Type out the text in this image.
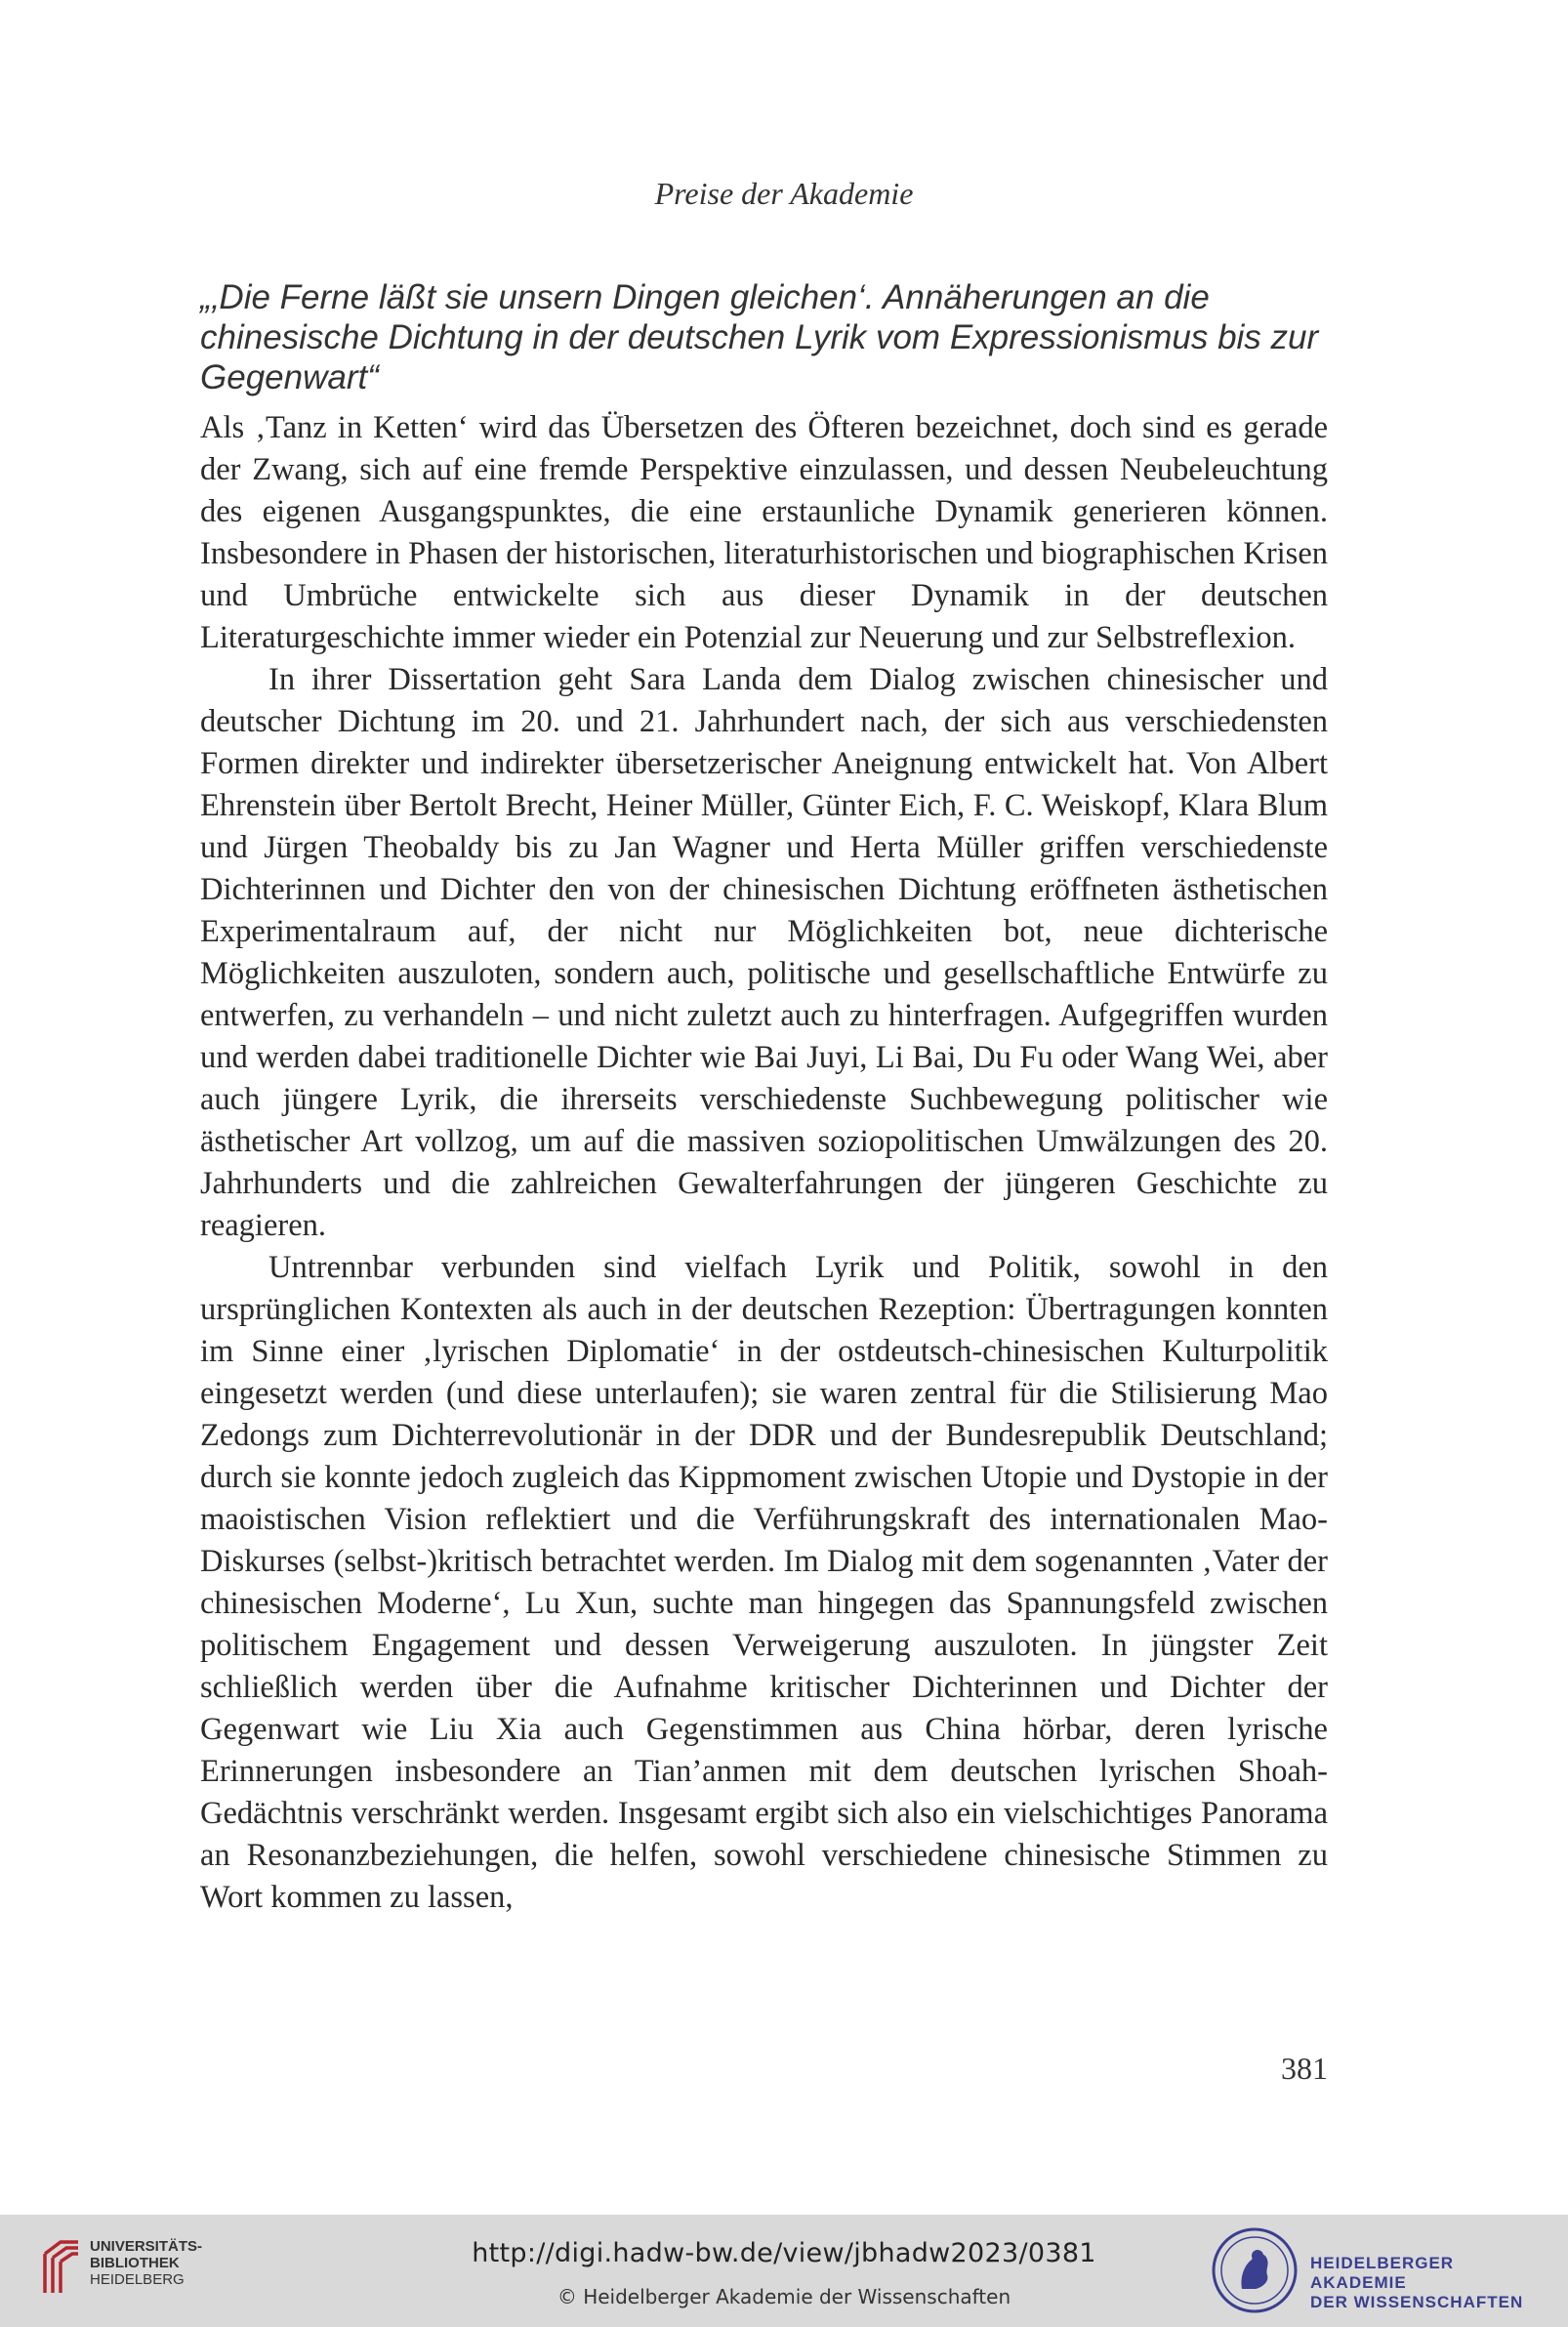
Preise der Akademie
„‚Die Ferne läßt sie unsern Dingen gleichen‘. Annäherungen an die chinesische Dichtung in der deutschen Lyrik vom Expressionismus bis zur Gegenwart“

Als ‚Tanz in Ketten‘ wird das Übersetzen des Öfteren bezeichnet, doch sind es gerade der Zwang, sich auf eine fremde Perspektive einzulassen, und dessen Neubeleuchtung des eigenen Ausgangspunktes, die eine erstaunliche Dynamik generieren können. Insbesondere in Phasen der historischen, literaturhistorischen und biographischen Krisen und Umbrüche entwickelte sich aus dieser Dynamik in der deutschen Literaturgeschichte immer wieder ein Potenzial zur Neuerung und zur Selbstreflexion.

In ihrer Dissertation geht Sara Landa dem Dialog zwischen chinesischer und deutscher Dichtung im 20. und 21. Jahrhundert nach, der sich aus verschiedensten Formen direkter und indirekter übersetzerischer Aneignung entwickelt hat. Von Albert Ehrenstein über Bertolt Brecht, Heiner Müller, Günter Eich, F. C. Weiskopf, Klara Blum und Jürgen Theobaldy bis zu Jan Wagner und Herta Müller griffen verschiedenste Dichterinnen und Dichter den von der chinesischen Dichtung eröffneten ästhetischen Experimentalraum auf, der nicht nur Möglichkeiten bot, neue dichterische Möglichkeiten auszuloten, sondern auch, politische und gesellschaftliche Entwürfe zu entwerfen, zu verhandeln – und nicht zuletzt auch zu hinterfragen. Aufgegriffen wurden und werden dabei traditionelle Dichter wie Bai Juyi, Li Bai, Du Fu oder Wang Wei, aber auch jüngere Lyrik, die ihrerseits verschiedenste Suchbewegung politischer wie ästhetischer Art vollzog, um auf die massiven soziopolitischen Umwälzungen des 20. Jahrhunderts und die zahlreichen Gewalterfahrungen der jüngeren Geschichte zu reagieren.

Untrennbar verbunden sind vielfach Lyrik und Politik, sowohl in den ursprünglichen Kontexten als auch in der deutschen Rezeption: Übertragungen konnten im Sinne einer ‚lyrischen Diplomatie‘ in der ostdeutsch-chinesischen Kulturpolitik eingesetzt werden (und diese unterlaufen); sie waren zentral für die Stilisierung Mao Zedongs zum Dichterrevolutionär in der DDR und der Bundesrepublik Deutschland; durch sie konnte jedoch zugleich das Kippmoment zwischen Utopie und Dystopie in der maoistischen Vision reflektiert und die Verführungskraft des internationalen Mao-Diskurses (selbst-)kritisch betrachtet werden. Im Dialog mit dem sogenannten ‚Vater der chinesischen Moderne‘, Lu Xun, suchte man hingegen das Spannungsfeld zwischen politischem Engagement und dessen Verweigerung auszuloten. In jüngster Zeit schließlich werden über die Aufnahme kritischer Dichterinnen und Dichter der Gegenwart wie Liu Xia auch Gegenstimmen aus China hörbar, deren lyrische Erinnerungen insbesondere an Tian’anmen mit dem deutschen lyrischen Shoah-Gedächtnis verschränkt werden. Insgesamt ergibt sich also ein vielschichtiges Panorama an Resonanzbeziehungen, die helfen, sowohl verschiedene chinesische Stimmen zu Wort kommen zu lassen,

381
UNIVERSITÄTS-
BIBLIOTHEK
HEIDELBERG
http://digi.hadw-bw.de/view/jbhadw2023/0381
© Heidelberger Akademie der Wissenschaften
HEIDELBERGER AKADEMIE
DER WISSENSCHAFTEN
